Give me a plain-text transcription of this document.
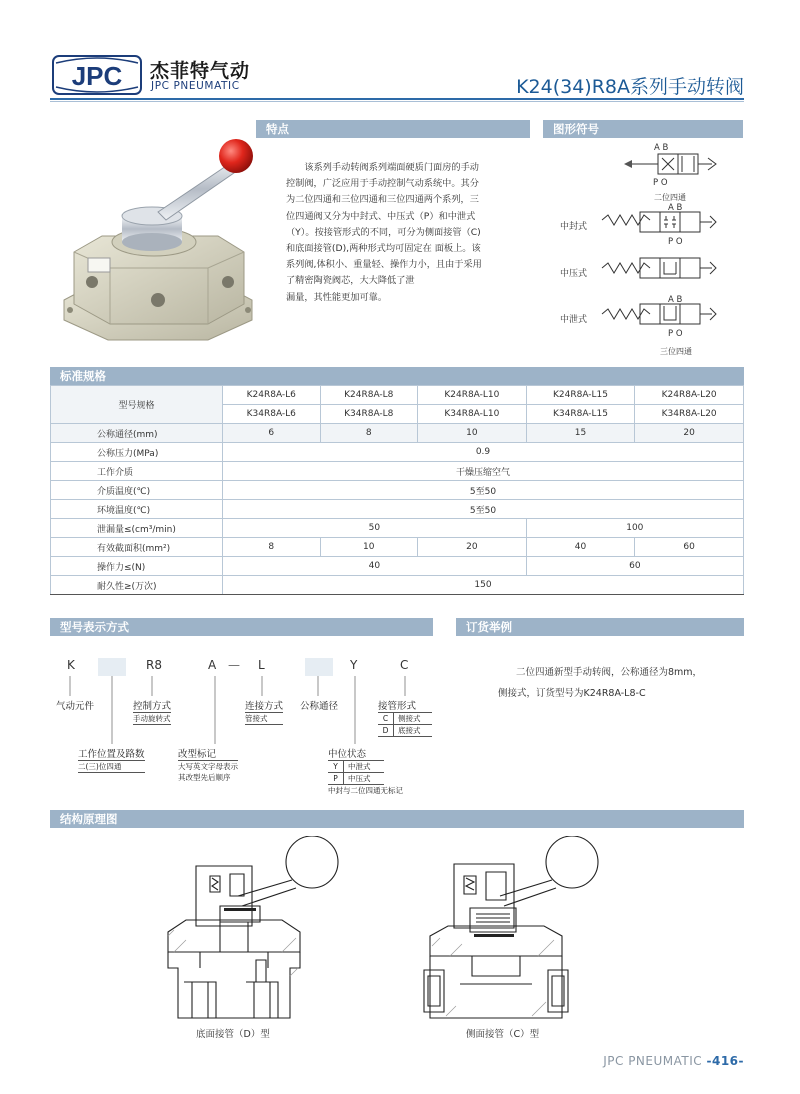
JPC 杰菲特气动
JPC PNEUMATIC	K24(34)R8A系列手动转阀
特点
该系列手动转阀系列端面硬质门面房的手动
控制阀，广泛应用于手动控制气动系统中。其分
为二位四通和三位四通和三位四通两个系列，三
位四通阀又分为中封式、中压式（P）和中泄式
（Y）。按接管形式的不同，可分为侧面接管（C)
和底面接管(D),两种形式均可固定在 面板上。该
系列阀,体积小、重量轻、操作力小，且由于采用
了精密陶瓷阀芯，大大降低了泄
漏量，其性能更加可靠。
图形符号
A B
P O
二位四通
中封式
A B
P O
中压式
中泄式
A B
P O
三位四通
标准规格
型号规格	K24R8A-L6	K24R8A-L8	K24R8A-L10	K24R8A-L15	K24R8A-L20
	K34R8A-L6	K34R8A-L8	K34R8A-L10	K34R8A-L15	K34R8A-L20
公称通径(mm)	6	8	10	15	20
公称压力(MPa)	0.9				
工作介质	干燥压缩空气				
介质温度(℃)	5至50				
环境温度(℃)	5至50				
泄漏量≤(cm³/min)	50			100	
有效截面积(mm²)	8	10	20	40	60
操作力≤(N)	40			60	
耐久性≥(万次)	150				
型号表示方式
K	R8	A — L	Y	C
气动元件	控制方式
手动旋转式
连接方式
管接式
公称通径	接管形式
C	侧接式
D	底接式
工作位置及路数
二(三)位四通
改型标记
大写英文字母表示
其改型先后顺序
中位状态
Y	中泄式
P	中压式
中封与二位四通无标记
订货举例
二位四通新型手动转阀，公称通径为8mm，
侧接式，订货型号为K24R8A-L8-C
结构原理图
底面接管（D）型	侧面接管（C）型
JPC PNEUMATIC -416-
